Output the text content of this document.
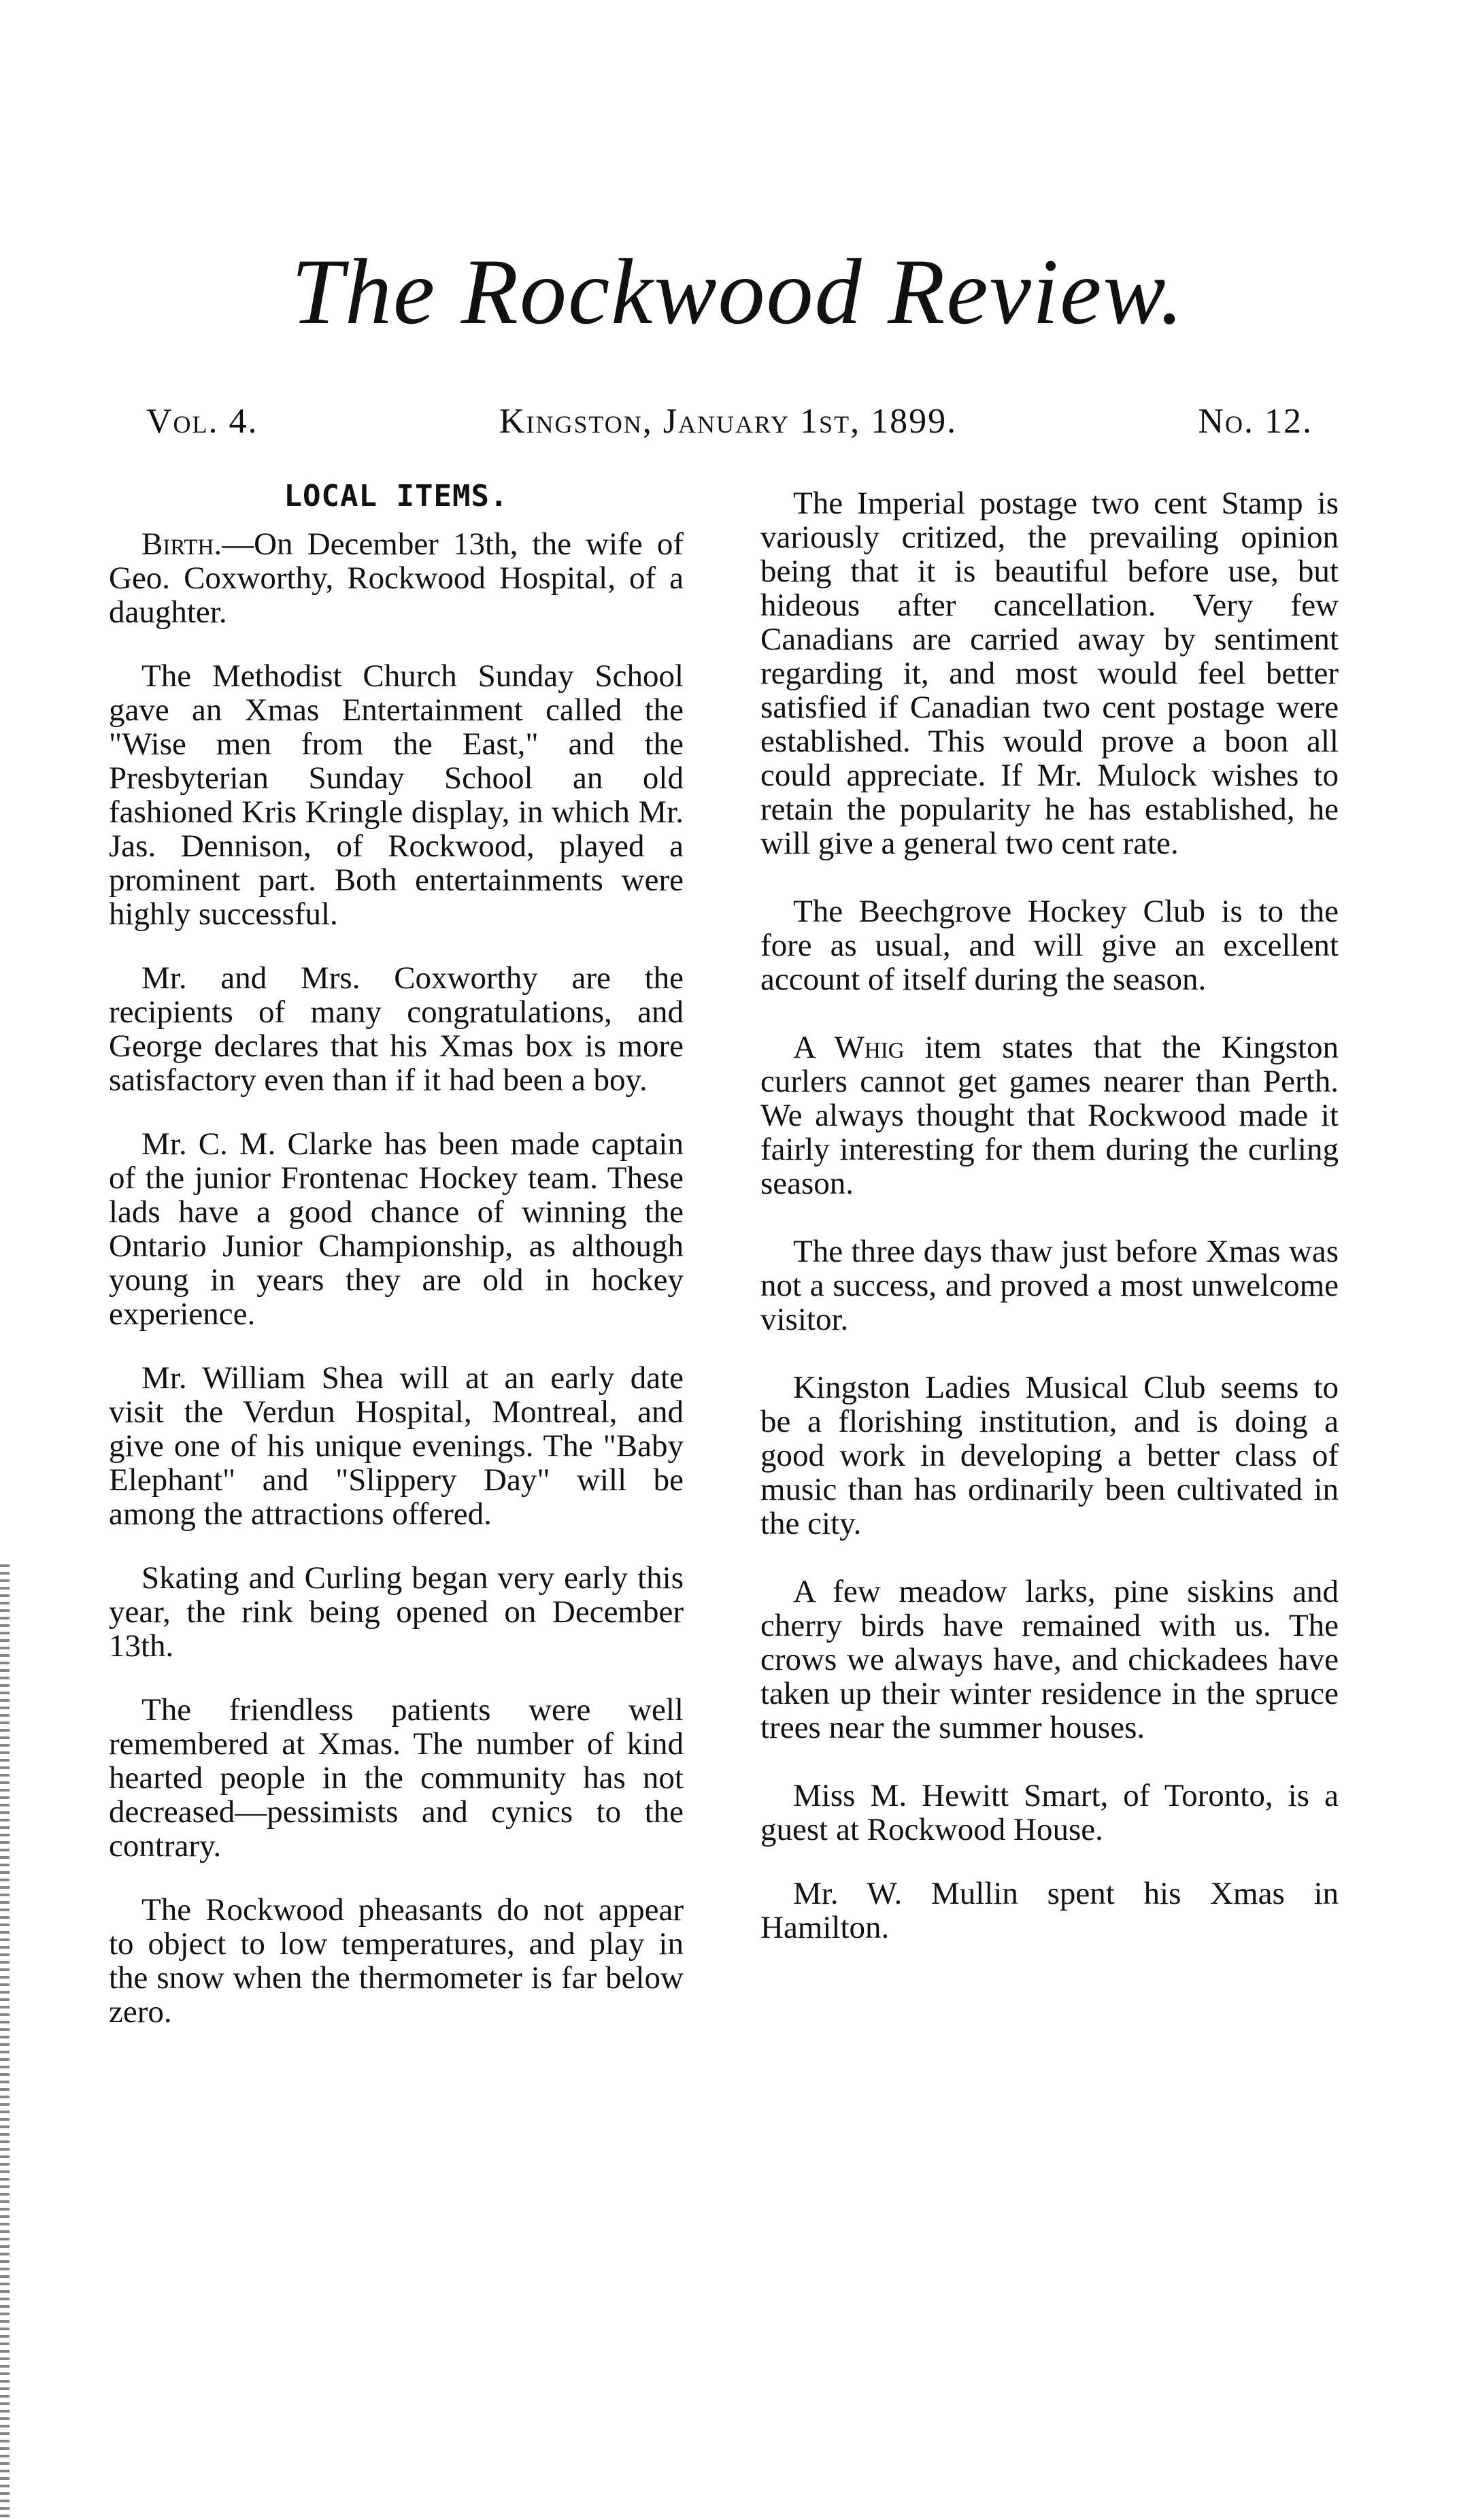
The Rockwood Review.
Vol. 4.	Kingston, January 1st, 1899.	No. 12.
LOCAL ITEMS.

Birth.—On December 13th, the wife of Geo. Coxworthy, Rockwood Hospital, of a daughter.

The Methodist Church Sunday School gave an Xmas Entertainment called the "Wise men from the East," and the Presbyterian Sunday School an old fashioned Kris Kringle display, in which Mr. Jas. Dennison, of Rockwood, played a prominent part. Both entertainments were highly successful.

Mr. and Mrs. Coxworthy are the recipients of many congratulations, and George declares that his Xmas box is more satisfactory even than if it had been a boy.

Mr. C. M. Clarke has been made captain of the junior Frontenac Hockey team. These lads have a good chance of winning the Ontario Junior Championship, as although young in years they are old in hockey experience.

Mr. William Shea will at an early date visit the Verdun Hospital, Montreal, and give one of his unique evenings. The "Baby Elephant" and "Slippery Day" will be among the attractions offered.

Skating and Curling began very early this year, the rink being opened on December 13th.

The friendless patients were well remembered at Xmas. The number of kind hearted people in the community has not decreased—pessimists and cynics to the contrary.

The Rockwood pheasants do not appear to object to low temperatures, and play in the snow when the thermometer is far below zero.

The Imperial postage two cent Stamp is variously critized, the prevailing opinion being that it is beautiful before use, but hideous after cancellation. Very few Canadians are carried away by sentiment regarding it, and most would feel better satisfied if Canadian two cent postage were established. This would prove a boon all could appreciate. If Mr. Mulock wishes to retain the popularity he has established, he will give a general two cent rate.

The Beechgrove Hockey Club is to the fore as usual, and will give an excellent account of itself during the season.

A Whig item states that the Kingston curlers cannot get games nearer than Perth. We always thought that Rockwood made it fairly interesting for them during the curling season.

The three days thaw just before Xmas was not a success, and proved a most unwelcome visitor.

Kingston Ladies Musical Club seems to be a florishing institution, and is doing a good work in developing a better class of music than has ordinarily been cultivated in the city.

A few meadow larks, pine siskins and cherry birds have remained with us. The crows we always have, and chickadees have taken up their winter residence in the spruce trees near the summer houses.

Miss M. Hewitt Smart, of Toronto, is a guest at Rockwood House.

Mr. W. Mullin spent his Xmas in Hamilton.
